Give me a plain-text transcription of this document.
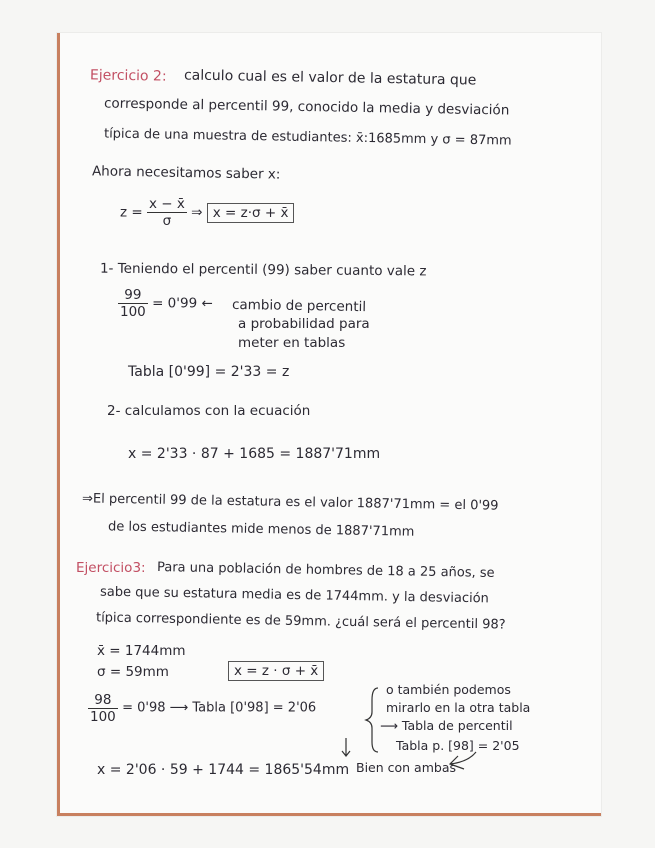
Ejercicio 2: calculo cual es el valor de la estatura que
corresponde al percentil 99, conocido la media y desviación
típica de una muestra de estudiantes: x̄:1685mm y σ = 87mm
Ahora necesitamos saber x:
$z = \frac{x - x̄}{\sigma}$ ⇒ x = z·σ + x̄
1- Teniendo el percentil (99) saber cuanto vale z
$\frac{99}{100} = 0'99$ ← cambio de percentil
a probabilidad para
meter en tablas
Tabla [0'99] = 2'33 = z
2- calculamos con la ecuación
x = 2'33 · 87 + 1685 = 1887'71mm
⇒El percentil 99 de la estatura es el valor 1887'71mm = el 0'99
de los estudiantes mide menos de 1887'71mm
Ejercicio3: Para una población de hombres de 18 a 25 años, se
sabe que su estatura media es de 1744mm. y la desviación
típica correspondiente es de 59mm. ¿cuál será el percentil 98?
x̄ = 1744mm
σ = 59mm	x = z · σ + x̄
$\frac{98}{100} = 0'98$ ⟶ Tabla [0'98] = 2'06
o también podemos
mirarlo en la otra tabla
⟶ Tabla de percentil
Tabla p. [98] = 2'05
x = 2'06 · 59 + 1744 = 1865'54mm Bien con ambas
